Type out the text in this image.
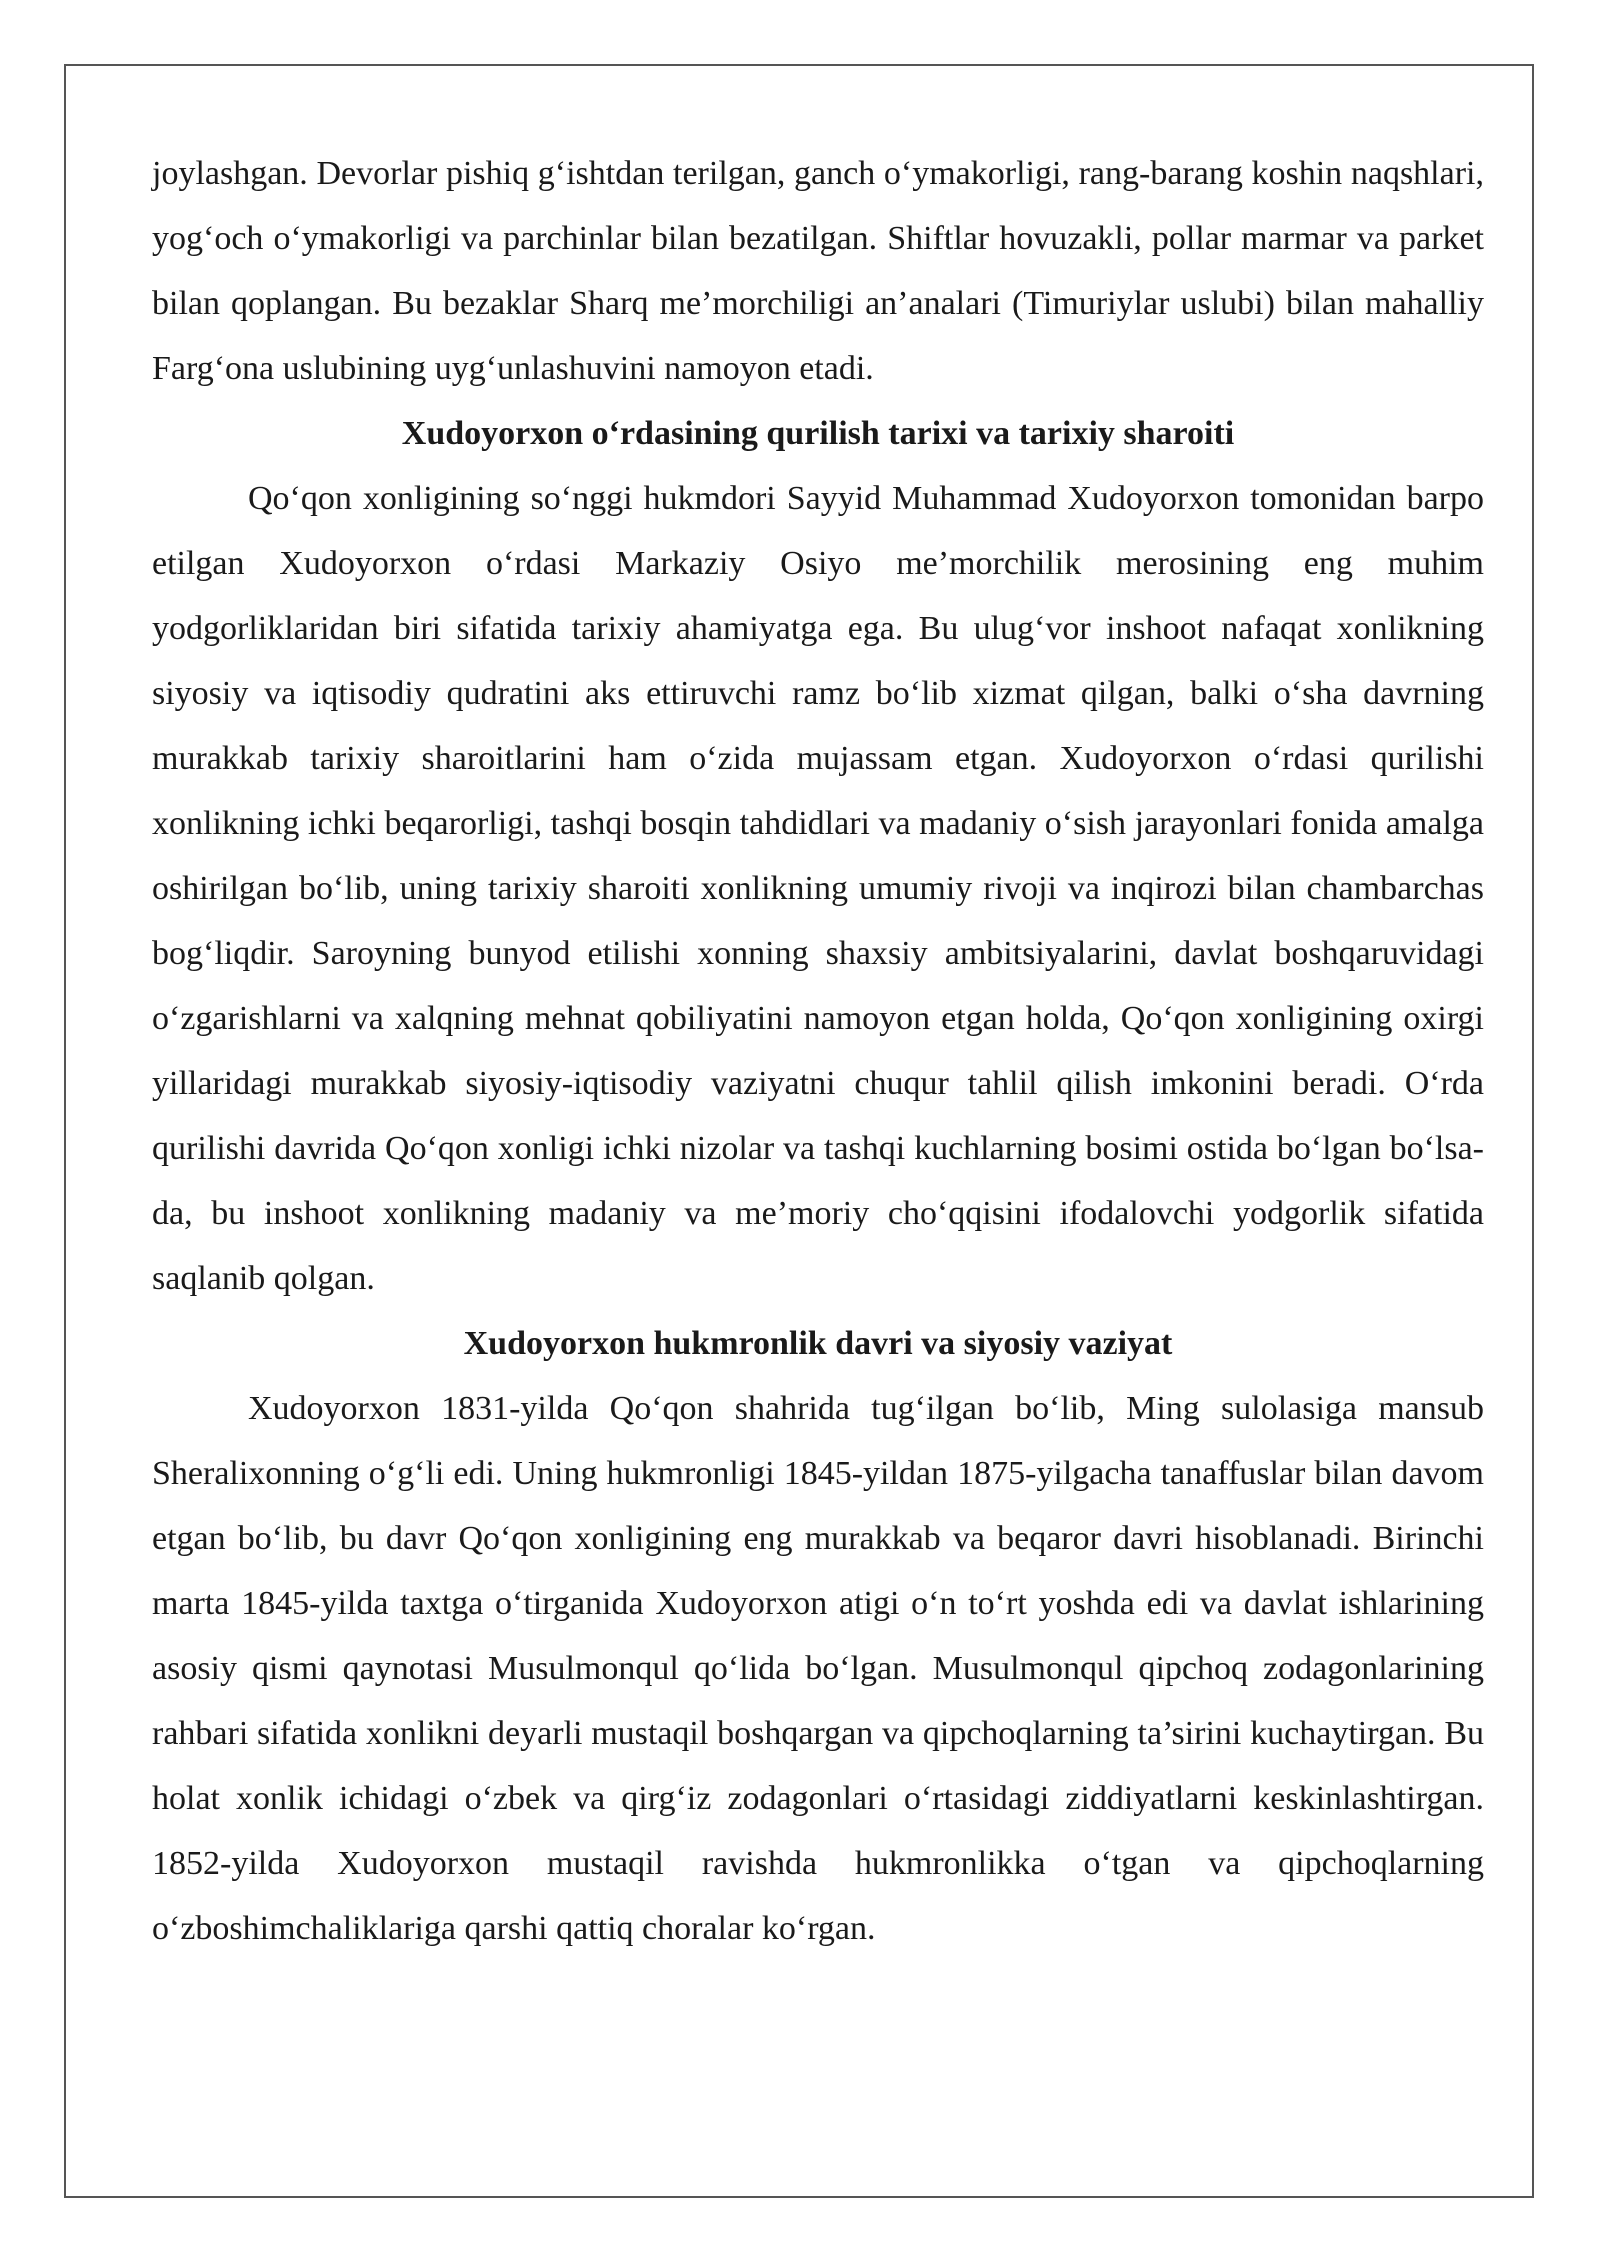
joylashgan. Devorlar pishiq g‘ishtdan terilgan, ganch o‘ymakorligi, rang-barang koshin naqshlari, yog‘och o‘ymakorligi va parchinlar bilan bezatilgan. Shiftlar hovuzakli, pollar marmar va parket bilan qoplangan. Bu bezaklar Sharq me’morchiligi an’analari (Timuriylar uslubi) bilan mahalliy Farg‘ona uslubining uyg‘unlashuvini namoyon etadi.

Xudoyorxon o‘rdasining qurilish tarixi va tarixiy sharoiti

Qo‘qon xonligining so‘nggi hukmdori Sayyid Muhammad Xudoyorxon tomonidan barpo etilgan Xudoyorxon o‘rdasi Markaziy Osiyo me’morchilik merosining eng muhim yodgorliklaridan biri sifatida tarixiy ahamiyatga ega. Bu ulug‘vor inshoot nafaqat xonlikning siyosiy va iqtisodiy qudratini aks ettiruvchi ramz bo‘lib xizmat qilgan, balki o‘sha davrning murakkab tarixiy sharoitlarini ham o‘zida mujassam etgan. Xudoyorxon o‘rdasi qurilishi xonlikning ichki beqarorligi, tashqi bosqin tahdidlari va madaniy o‘sish jarayonlari fonida amalga oshirilgan bo‘lib, uning tarixiy sharoiti xonlikning umumiy rivoji va inqirozi bilan chambarchas bog‘liqdir. Saroyning bunyod etilishi xonning shaxsiy ambitsiyalarini, davlat boshqaruvidagi o‘zgarishlarni va xalqning mehnat qobiliyatini namoyon etgan holda, Qo‘qon xonligining oxirgi yillaridagi murakkab siyosiy-iqtisodiy vaziyatni chuqur tahlil qilish imkonini beradi. O‘rda qurilishi davrida Qo‘qon xonligi ichki nizolar va tashqi kuchlarning bosimi ostida bo‘lgan bo‘lsa-da, bu inshoot xonlikning madaniy va me’moriy cho‘qqisini ifodalovchi yodgorlik sifatida saqlanib qolgan.

Xudoyorxon hukmronlik davri va siyosiy vaziyat

Xudoyorxon 1831-yilda Qo‘qon shahrida tug‘ilgan bo‘lib, Ming sulolasiga mansub Sheralixonning o‘g‘li edi. Uning hukmronligi 1845-yildan 1875-yilgacha tanaffuslar bilan davom etgan bo‘lib, bu davr Qo‘qon xonligining eng murakkab va beqaror davri hisoblanadi. Birinchi marta 1845-yilda taxtga o‘tirganida Xudoyorxon atigi o‘n to‘rt yoshda edi va davlat ishlarining asosiy qismi qaynotasi Musulmonqul qo‘lida bo‘lgan. Musulmonqul qipchoq zodagonlarining rahbari sifatida xonlikni deyarli mustaqil boshqargan va qipchoqlarning ta’sirini kuchaytirgan. Bu holat xonlik ichidagi o‘zbek va qirg‘iz zodagonlari o‘rtasidagi ziddiyatlarni keskinlashtirgan. 1852-yilda Xudoyorxon mustaqil ravishda hukmronlikka o‘tgan va qipchoqlarning o‘zboshimchaliklariga qarshi qattiq choralar ko‘rgan.
